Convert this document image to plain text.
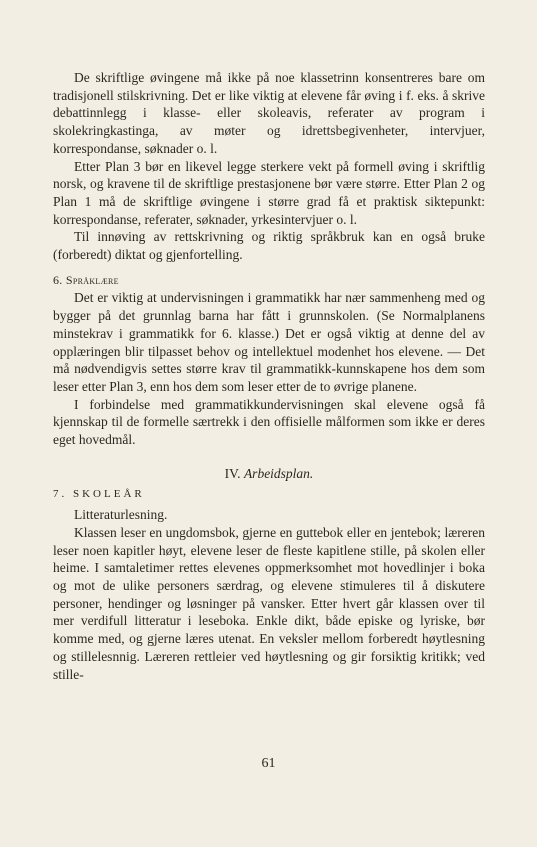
De skriftlige øvingene må ikke på noe klassetrinn konsentreres bare om tradisjonell stilskrivning. Det er like viktig at elevene får øving i f. eks. å skrive debattinnlegg i klasse- eller skoleavis, referater av program i skolekringkastinga, av møter og idrettsbegivenheter, intervjuer, korrespondanse, søknader o. l.

Etter Plan 3 bør en likevel legge sterkere vekt på formell øving i skriftlig norsk, og kravene til de skriftlige prestasjonene bør være større. Etter Plan 2 og Plan 1 må de skriftlige øvingene i større grad få et praktisk siktepunkt: korrespondanse, referater, søknader, yrkesintervjuer o. l.

Til innøving av rettskrivning og riktig språkbruk kan en også bruke (forberedt) diktat og gjenfortelling.

6. Språklære

Det er viktig at undervisningen i grammatikk har nær sammenheng med og bygger på det grunnlag barna har fått i grunnskolen. (Se Normalplanens minstekrav i grammatikk for 6. klasse.) Det er også viktig at denne del av opplæringen blir tilpasset behov og intellektuel modenhet hos elevene. — Det må nødvendigvis settes større krav til grammatikk-kunnskapene hos dem som leser etter Plan 3, enn hos dem som leser etter de to øvrige planene.

I forbindelse med grammatikkundervisningen skal elevene også få kjennskap til de formelle særtrekk i den offisielle målformen som ikke er deres eget hovedmål.

IV. Arbeidsplan.
7. SKOLEÅR

Litteraturlesning.

Klassen leser en ungdomsbok, gjerne en guttebok eller en jentebok; læreren leser noen kapitler høyt, elevene leser de fleste kapitlene stille, på skolen eller heime. I samtaletimer rettes elevenes oppmerksomhet mot hovedlinjer i boka og mot de ulike personers særdrag, og elevene stimuleres til å diskutere personer, hendinger og løsninger på vansker. Etter hvert går klassen over til mer verdifull litteratur i leseboka. Enkle dikt, både episke og lyriske, bør komme med, og gjerne læres utenat. En veksler mellom forberedt høytlesning og stillelesnnig. Læreren rettleier ved høytlesning og gir forsiktig kritikk; ved stille-

61
